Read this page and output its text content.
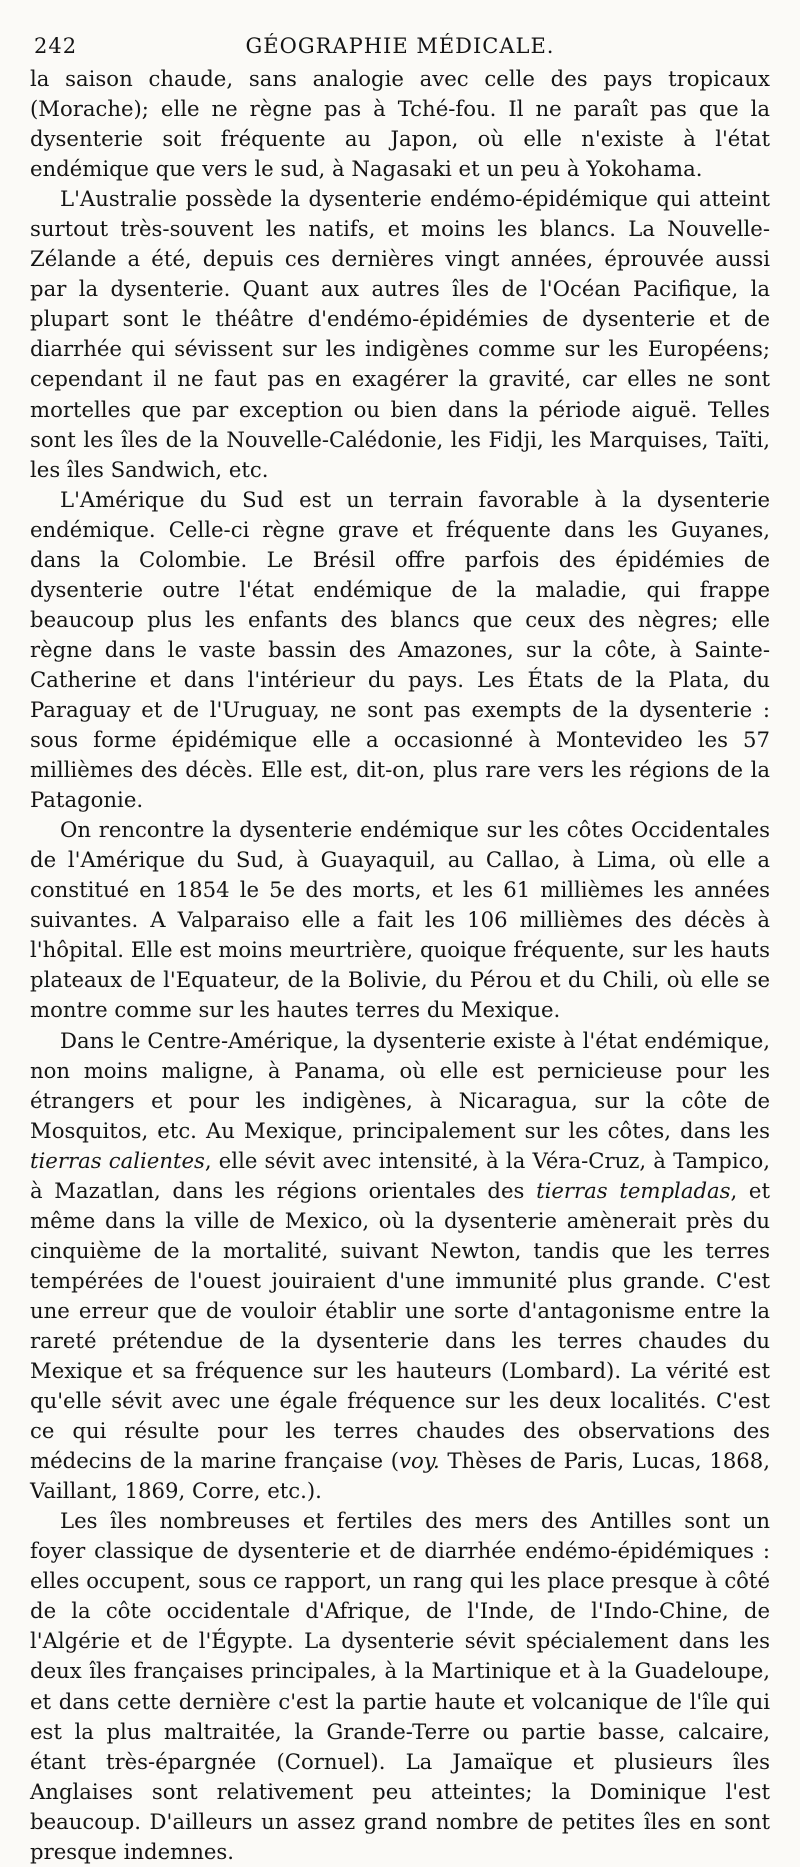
242	GÉOGRAPHIE MÉDICALE.

la saison chaude, sans analogie avec celle des pays tropicaux (Morache); elle ne règne pas à Tché-fou. Il ne paraît pas que la dysenterie soit fréquente au Japon, où elle n'existe à l'état endémique que vers le sud, à Nagasaki et un peu à Yokohama.

L'Australie possède la dysenterie endémo-épidémique qui atteint surtout très-souvent les natifs, et moins les blancs. La Nouvelle-Zélande a été, depuis ces dernières vingt années, éprouvée aussi par la dysenterie. Quant aux autres îles de l'Océan Pacifique, la plupart sont le théâtre d'endémo-épidémies de dysenterie et de diarrhée qui sévissent sur les indigènes comme sur les Européens; cependant il ne faut pas en exagérer la gravité, car elles ne sont mortelles que par exception ou bien dans la période aiguë. Telles sont les îles de la Nouvelle-Calédonie, les Fidji, les Marquises, Taïti, les îles Sandwich, etc.

L'Amérique du Sud est un terrain favorable à la dysenterie endémique. Celle-ci règne grave et fréquente dans les Guyanes, dans la Colombie. Le Brésil offre parfois des épidémies de dysenterie outre l'état endémique de la maladie, qui frappe beaucoup plus les enfants des blancs que ceux des nègres; elle règne dans le vaste bassin des Amazones, sur la côte, à Sainte-Catherine et dans l'intérieur du pays. Les États de la Plata, du Paraguay et de l'Uruguay, ne sont pas exempts de la dysenterie : sous forme épidémique elle a occasionné à Montevideo les 57 millièmes des décès. Elle est, dit-on, plus rare vers les régions de la Patagonie.

On rencontre la dysenterie endémique sur les côtes Occidentales de l'Amérique du Sud, à Guayaquil, au Callao, à Lima, où elle a constitué en 1854 le 5e des morts, et les 61 millièmes les années suivantes. A Valparaiso elle a fait les 106 millièmes des décès à l'hôpital. Elle est moins meurtrière, quoique fréquente, sur les hauts plateaux de l'Equateur, de la Bolivie, du Pérou et du Chili, où elle se montre comme sur les hautes terres du Mexique.

Dans le Centre-Amérique, la dysenterie existe à l'état endémique, non moins maligne, à Panama, où elle est pernicieuse pour les étrangers et pour les indigènes, à Nicaragua, sur la côte de Mosquitos, etc. Au Mexique, principalement sur les côtes, dans les tierras calientes, elle sévit avec intensité, à la Véra-Cruz, à Tampico, à Mazatlan, dans les régions orientales des tierras templadas, et même dans la ville de Mexico, où la dysenterie amènerait près du cinquième de la mortalité, suivant Newton, tandis que les terres tempérées de l'ouest jouiraient d'une immunité plus grande. C'est une erreur que de vouloir établir une sorte d'antagonisme entre la rareté prétendue de la dysenterie dans les terres chaudes du Mexique et sa fréquence sur les hauteurs (Lombard). La vérité est qu'elle sévit avec une égale fréquence sur les deux localités. C'est ce qui résulte pour les terres chaudes des observations des médecins de la marine française (voy. Thèses de Paris, Lucas, 1868, Vaillant, 1869, Corre, etc.).

Les îles nombreuses et fertiles des mers des Antilles sont un foyer classique de dysenterie et de diarrhée endémo-épidémiques : elles occupent, sous ce rapport, un rang qui les place presque à côté de la côte occidentale d'Afrique, de l'Inde, de l'Indo-Chine, de l'Algérie et de l'Égypte. La dysenterie sévit spécialement dans les deux îles françaises principales, à la Martinique et à la Guadeloupe, et dans cette dernière c'est la partie haute et volcanique de l'île qui est la plus maltraitée, la Grande-Terre ou partie basse, calcaire, étant très-épargnée (Cornuel). La Jamaïque et plusieurs îles Anglaises sont relativement peu atteintes; la Dominique l'est beaucoup. D'ailleurs un assez grand nombre de petites îles en sont presque indemnes.
